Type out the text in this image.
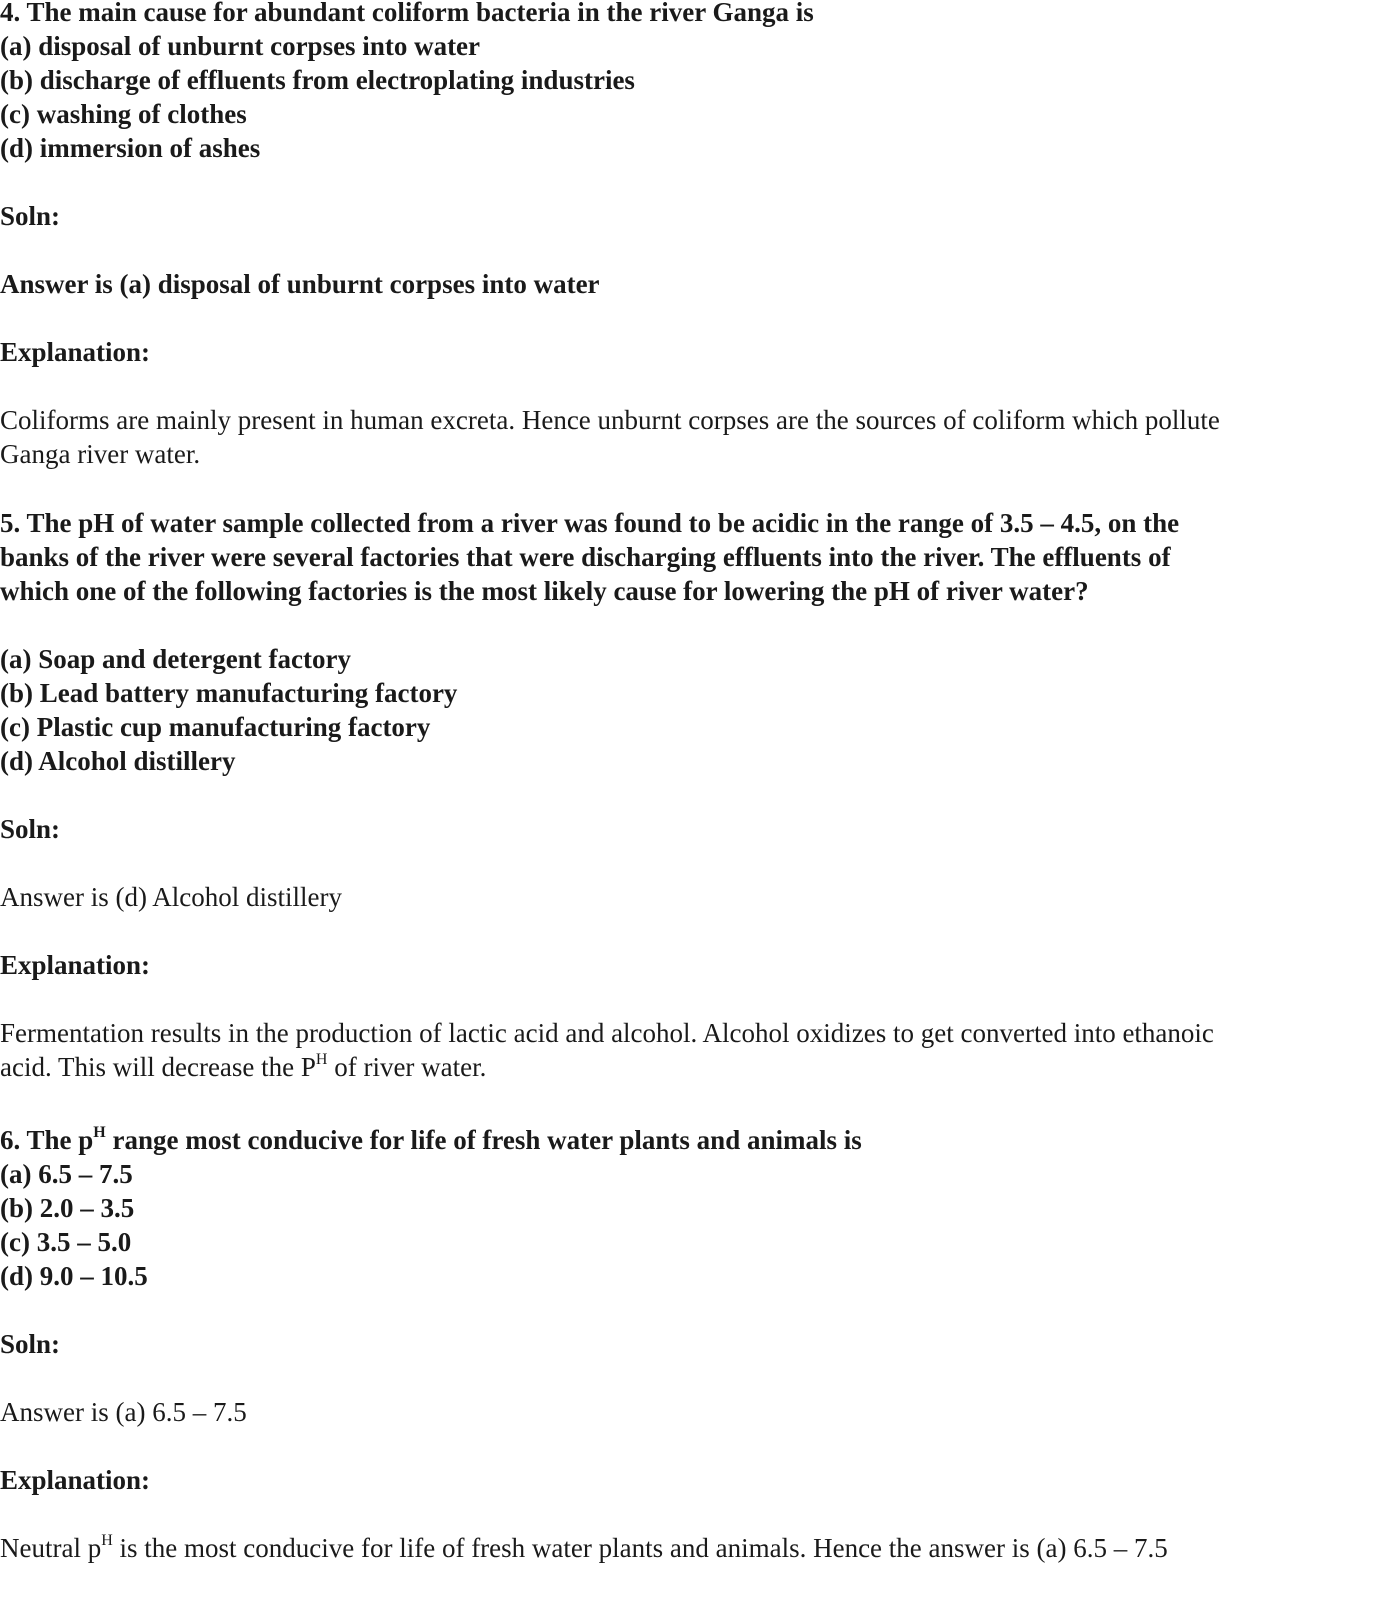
4. The main cause for abundant coliform bacteria in the river Ganga is

(a) disposal of unburnt corpses into water

(b) discharge of effluents from electroplating industries

(c) washing of clothes

(d) immersion of ashes

Soln:

Answer is (a) disposal of unburnt corpses into water

Explanation:

Coliforms are mainly present in human excreta. Hence unburnt corpses are the sources of coliform which pollute

Ganga river water.

5. The pH of water sample collected from a river was found to be acidic in the range of 3.5 – 4.5, on the

banks of the river were several factories that were discharging effluents into the river. The effluents of

which one of the following factories is the most likely cause for lowering the pH of river water?

(a) Soap and detergent factory

(b) Lead battery manufacturing factory

(c) Plastic cup manufacturing factory

(d) Alcohol distillery

Soln:

Answer is (d) Alcohol distillery

Explanation:

Fermentation results in the production of lactic acid and alcohol. Alcohol oxidizes to get converted into ethanoic

acid. This will decrease the $P^H$ of river water.

6. The $p^H$ range most conducive for life of fresh water plants and animals is

(a) 6.5 – 7.5

(b) 2.0 – 3.5

(c) 3.5 – 5.0

(d) 9.0 – 10.5

Soln:

Answer is (a) 6.5 – 7.5

Explanation:

Neutral $p^H$ is the most conducive for life of fresh water plants and animals. Hence the answer is (a) 6.5 – 7.5
